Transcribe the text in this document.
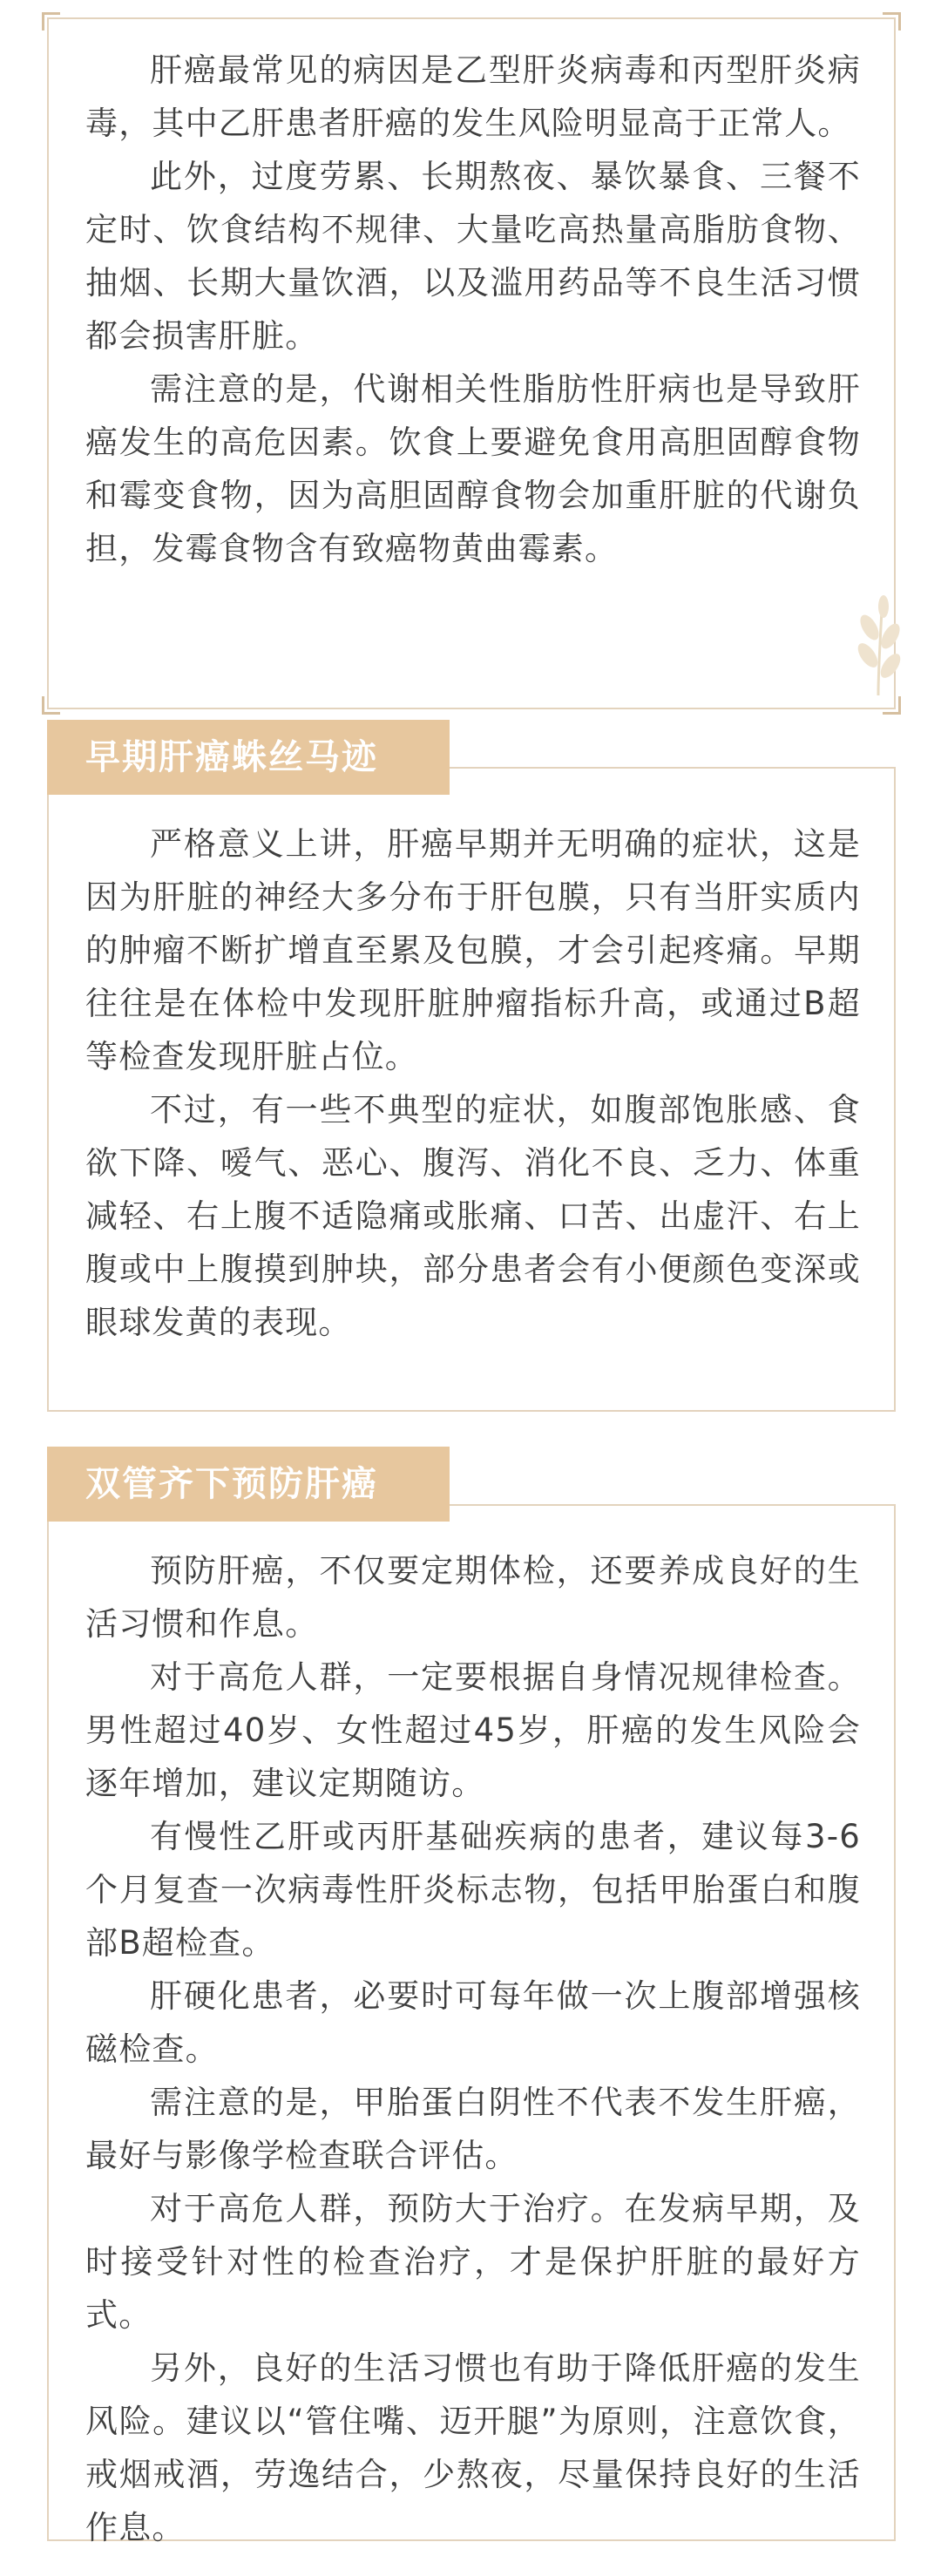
肝癌最常见的病因是乙型肝炎病毒和丙型肝炎病毒，其中乙肝患者肝癌的发生风险明显高于正常人。

此外，过度劳累、长期熬夜、暴饮暴食、三餐不定时、饮食结构不规律、大量吃高热量高脂肪食物、抽烟、长期大量饮酒，以及滥用药品等不良生活习惯都会损害肝脏。

需注意的是，代谢相关性脂肪性肝病也是导致肝癌发生的高危因素。饮食上要避免食用高胆固醇食物和霉变食物，因为高胆固醇食物会加重肝脏的代谢负担，发霉食物含有致癌物黄曲霉素。

早期肝癌蛛丝马迹

严格意义上讲，肝癌早期并无明确的症状，这是因为肝脏的神经大多分布于肝包膜，只有当肝实质内的肿瘤不断扩增直至累及包膜，才会引起疼痛。早期往往是在体检中发现肝脏肿瘤指标升高，或通过B超等检查发现肝脏占位。

不过，有一些不典型的症状，如腹部饱胀感、食欲下降、嗳气、恶心、腹泻、消化不良、乏力、体重减轻、右上腹不适隐痛或胀痛、口苦、出虚汗、右上腹或中上腹摸到肿块，部分患者会有小便颜色变深或眼球发黄的表现。

双管齐下预防肝癌

预防肝癌，不仅要定期体检，还要养成良好的生活习惯和作息。

对于高危人群，一定要根据自身情况规律检查。男性超过40岁、女性超过45岁，肝癌的发生风险会逐年增加，建议定期随访。

有慢性乙肝或丙肝基础疾病的患者，建议每3-6个月复查一次病毒性肝炎标志物，包括甲胎蛋白和腹部B超检查。

肝硬化患者，必要时可每年做一次上腹部增强核磁检查。

需注意的是，甲胎蛋白阴性不代表不发生肝癌，最好与影像学检查联合评估。

对于高危人群，预防大于治疗。在发病早期，及时接受针对性的检查治疗，才是保护肝脏的最好方式。

另外，良好的生活习惯也有助于降低肝癌的发生风险。建议以“管住嘴、迈开腿”为原则，注意饮食，戒烟戒酒，劳逸结合，少熬夜，尽量保持良好的生活作息。
